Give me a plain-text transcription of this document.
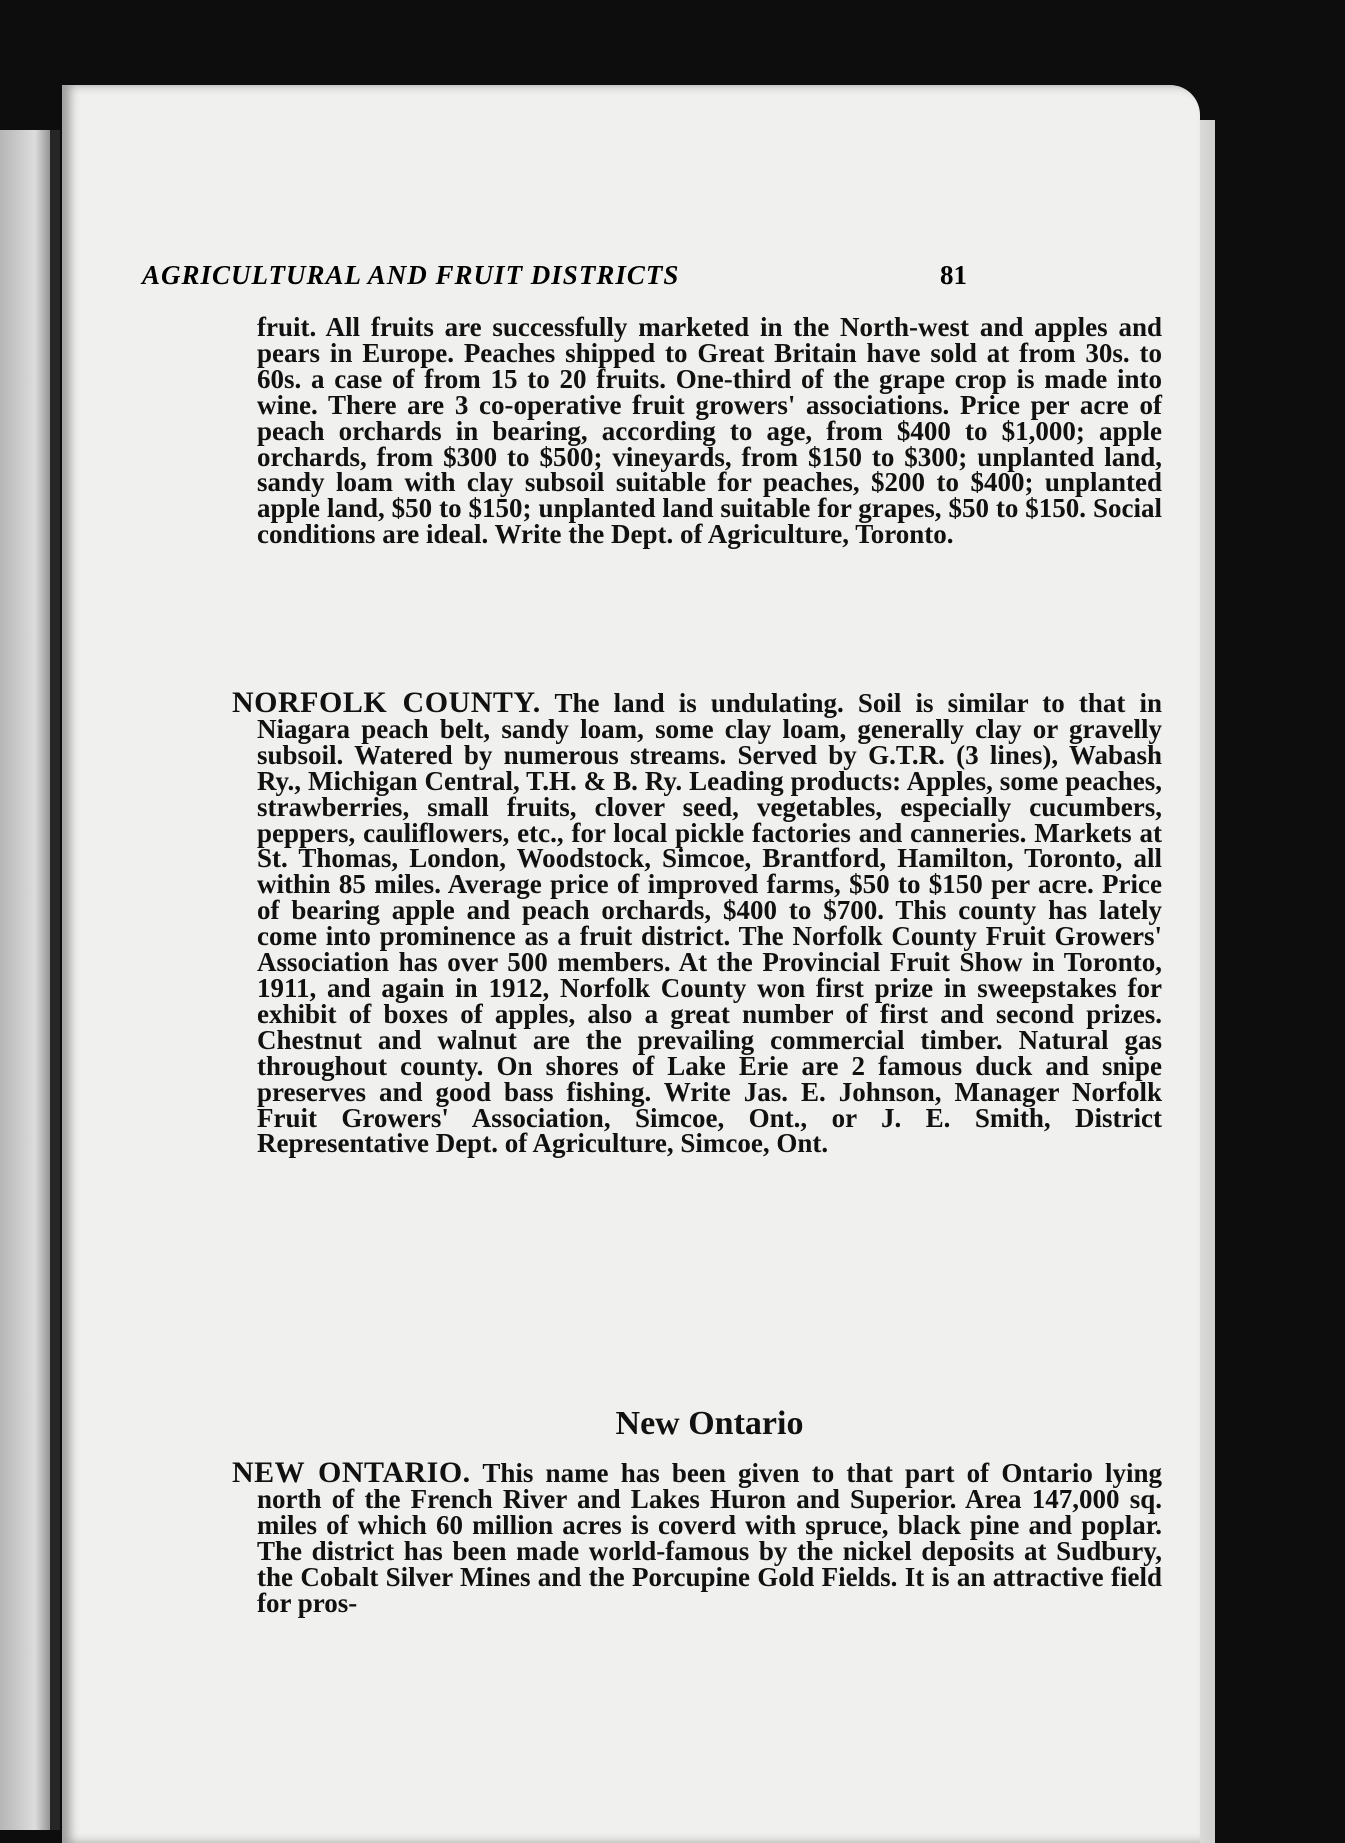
AGRICULTURAL AND FRUIT DISTRICTS	81
fruit. All fruits are successfully marketed in the North-west and apples and pears in Europe. Peaches shipped to Great Britain have sold at from 30s. to 60s. a case of from 15 to 20 fruits. One-third of the grape crop is made into wine. There are 3 co-operative fruit growers' associations. Price per acre of peach orchards in bearing, according to age, from $400 to $1,000; apple orchards, from $300 to $500; vineyards, from $150 to $300; unplanted land, sandy loam with clay subsoil suitable for peaches, $200 to $400; unplanted apple land, $50 to $150; unplanted land suitable for grapes, $50 to $150. Social conditions are ideal. Write the Dept. of Agriculture, Toronto.
NORFOLK COUNTY. The land is undulating. Soil is similar to that in Niagara peach belt, sandy loam, some clay loam, generally clay or gravelly subsoil. Watered by numerous streams. Served by G.T.R. (3 lines), Wabash Ry., Michigan Central, T.H. & B. Ry. Leading products: Apples, some peaches, strawberries, small fruits, clover seed, vegetables, especially cucumbers, peppers, cauliflowers, etc., for local pickle factories and canneries. Markets at St. Thomas, London, Woodstock, Simcoe, Brantford, Hamilton, Toronto, all within 85 miles. Average price of improved farms, $50 to $150 per acre. Price of bearing apple and peach orchards, $400 to $700. This county has lately come into prominence as a fruit district. The Norfolk County Fruit Growers' Association has over 500 members. At the Provincial Fruit Show in Toronto, 1911, and again in 1912, Norfolk County won first prize in sweepstakes for exhibit of boxes of apples, also a great number of first and second prizes. Chestnut and walnut are the prevailing commercial timber. Natural gas throughout county. On shores of Lake Erie are 2 famous duck and snipe preserves and good bass fishing. Write Jas. E. Johnson, Manager Norfolk Fruit Growers' Association, Simcoe, Ont., or J. E. Smith, District Representative Dept. of Agriculture, Simcoe, Ont.
New Ontario
NEW ONTARIO. This name has been given to that part of Ontario lying north of the French River and Lakes Huron and Superior. Area 147,000 sq. miles of which 60 million acres is coverd with spruce, black pine and poplar. The district has been made world-famous by the nickel deposits at Sudbury, the Cobalt Silver Mines and the Porcupine Gold Fields. It is an attractive field for pros-
